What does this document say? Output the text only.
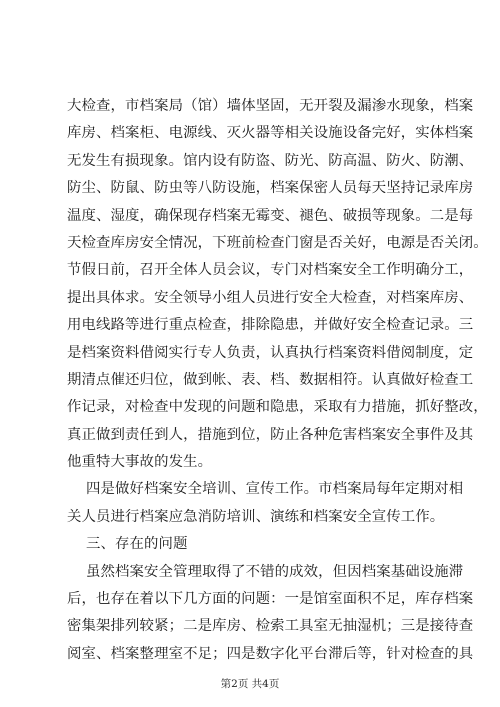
大检查，市档案局（馆）墙体坚固，无开裂及漏渗水现象，档案
库房、档案柜、电源线、灭火器等相关设施设备完好，实体档案
无发生有损现象。馆内设有防盗、防光、防高温、防火、防潮、
防尘、防鼠、防虫等八防设施，档案保密人员每天坚持记录库房
温度、湿度，确保现存档案无霉变、褪色、破损等现象。二是每
天检查库房安全情况，下班前检查门窗是否关好，电源是否关闭。
节假日前，召开全体人员会议，专门对档案安全工作明确分工，
提出具体求。安全领导小组人员进行安全大检查，对档案库房、
用电线路等进行重点检查，排除隐患，并做好安全检查记录。三
是档案资料借阅实行专人负责，认真执行档案资料借阅制度，定
期清点催还归位，做到帐、表、档、数据相符。认真做好检查工
作记录，对检查中发现的问题和隐患，采取有力措施，抓好整改，
真正做到责任到人，措施到位，防止各种危害档案安全事件及其
他重特大事故的发生。
四是做好档案安全培训、宣传工作。市档案局每年定期对相
关人员进行档案应急消防培训、演练和档案安全宣传工作。
三、存在的问题
虽然档案安全管理取得了不错的成效，但因档案基础设施滞
后，也存在着以下几方面的问题：一是馆室面积不足，库存档案
密集架排列较紧；二是库房、检索工具室无抽湿机；三是接待查
阅室、档案整理室不足；四是数字化平台滞后等，针对检查的具
第2页 共4页
